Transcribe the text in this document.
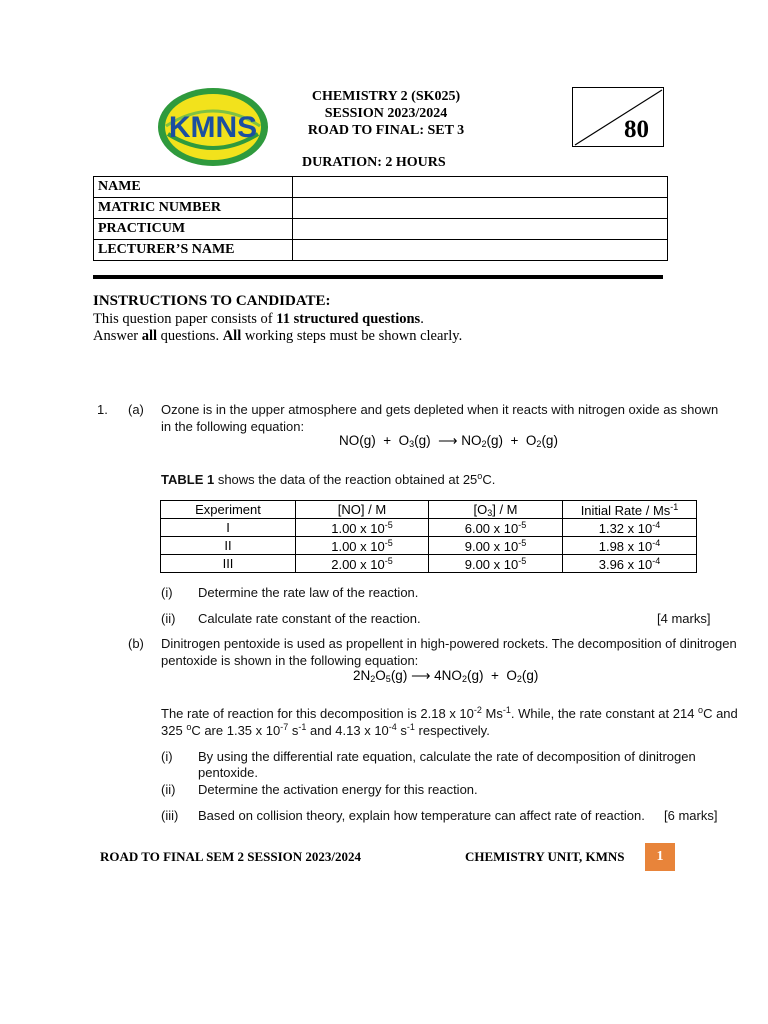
KMNS
CHEMISTRY 2 (SK025)
SESSION 2023/2024
ROAD TO FINAL: SET 3	80
DURATION: 2 HOURS
NAME	
MATRIC NUMBER	
PRACTICUM	
LECTURER’S NAME	
INSTRUCTIONS TO CANDIDATE:
This question paper consists of 11 structured questions.
Answer all questions. All working steps must be shown clearly.
1. (a) Ozone is in the upper atmosphere and gets depleted when it reacts with nitrogen oxide as shown
in the following equation:
$NO(g) + O_3(g)$  ⟶ $NO_2(g) + O_2(g)$
TABLE 1 shows the data of the reaction obtained at 25$^o$C.
Experiment	[NO] / M	$[O_3]$ / M	Initial Rate / $Ms^{-1}$
I	1.00 x $10^{-5}$	6.00 x $10^{-5}$	1.32 x $10^{-4}$
II	1.00 x $10^{-5}$	9.00 x $10^{-5}$	1.98 x $10^{-4}$
III	2.00 x $10^{-5}$	9.00 x $10^{-5}$	3.96 x $10^{-4}$
(i) Determine the rate law of the reaction.
(ii) Calculate rate constant of the reaction.	[4 marks]
(b) Dinitrogen pentoxide is used as propellent in high-powered rockets. The decomposition of dinitrogen
pentoxide is shown in the following equation:
$2N_2O_5(g)$ ⟶ $4NO_2(g) + O_2(g)$
The rate of reaction for this decomposition is 2.18 x $10^{-2}$ $Ms^{-1}$. While, the rate constant at 214 $^o$C and
325 $^o$C are 1.35 x $10^{-7}$ $s^{-1}$ and 4.13 x $10^{-4}$ $s^{-1}$ respectively.
(i) By using the differential rate equation, calculate the rate of decomposition of dinitrogen
pentoxide.
(ii) Determine the activation energy for this reaction.
(iii) Based on collision theory, explain how temperature can affect rate of reaction. [6 marks]
ROAD TO FINAL SEM 2 SESSION 2023/2024	CHEMISTRY UNIT, KMNS	1
